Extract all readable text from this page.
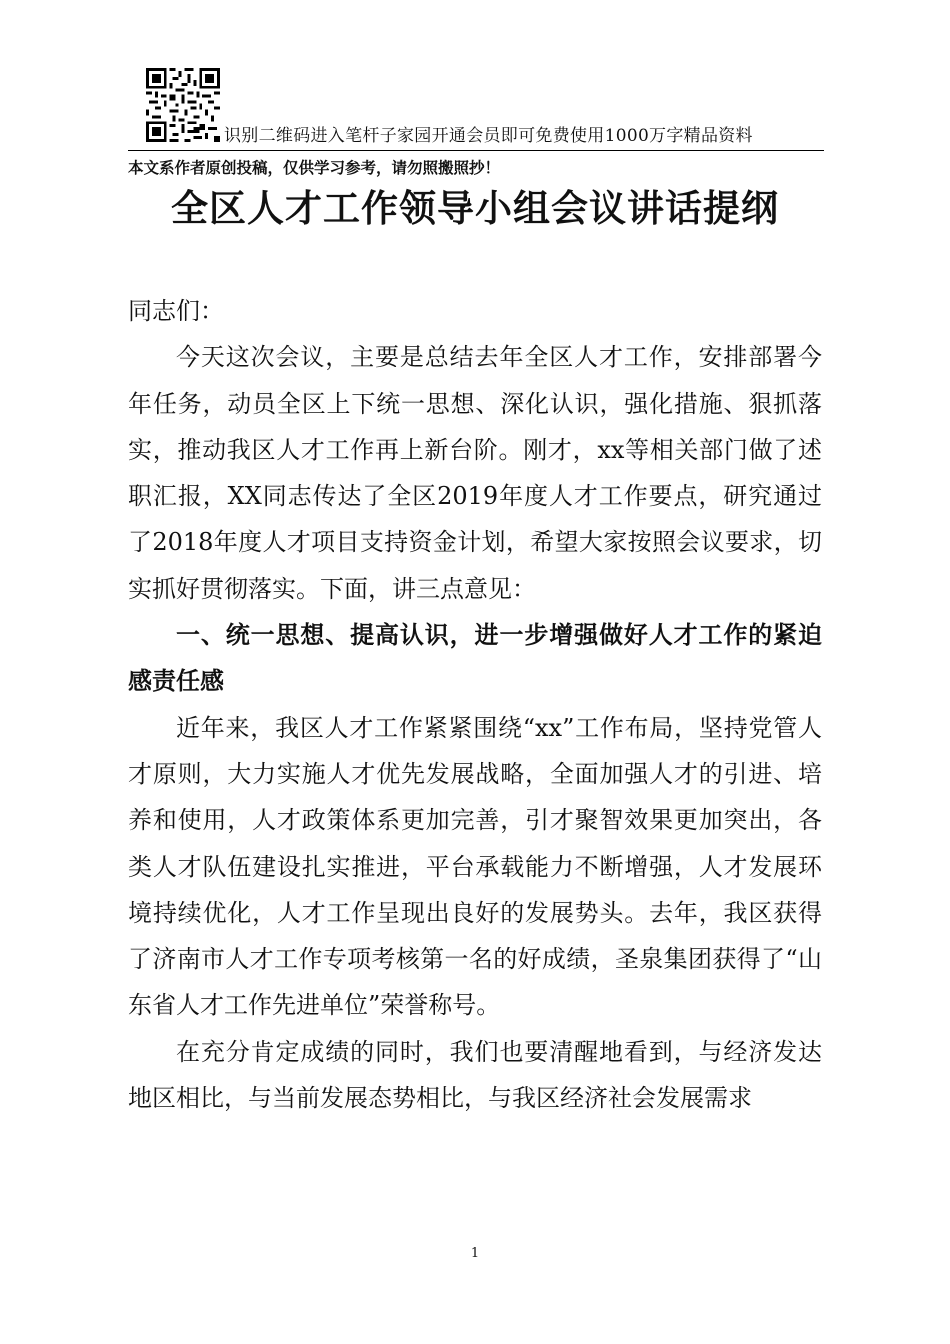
识别二维码进入笔杆子家园开通会员即可免费使用1000万字精品资料
本文系作者原创投稿，仅供学习参考，请勿照搬照抄！
全区人才工作领导小组会议讲话提纲

同志们：

今天这次会议，主要是总结去年全区人才工作，安排部署今年任务，动员全区上下统一思想、深化认识，强化措施、狠抓落实，推动我区人才工作再上新台阶。刚才，xx等相关部门做了述职汇报，XX同志传达了全区2019年度人才工作要点，研究通过了2018年度人才项目支持资金计划，希望大家按照会议要求，切实抓好贯彻落实。下面，讲三点意见：

一、统一思想、提高认识，进一步增强做好人才工作的紧迫感责任感

近年来，我区人才工作紧紧围绕“xx”工作布局，坚持党管人才原则，大力实施人才优先发展战略，全面加强人才的引进、培养和使用，人才政策体系更加完善，引才聚智效果更加突出，各类人才队伍建设扎实推进，平台承载能力不断增强，人才发展环境持续优化，人才工作呈现出良好的发展势头。去年，我区获得了济南市人才工作专项考核第一名的好成绩，圣泉集团获得了“山东省人才工作先进单位”荣誉称号。

在充分肯定成绩的同时，我们也要清醒地看到，与经济发达地区相比，与当前发展态势相比，与我区经济社会发展需求

1
